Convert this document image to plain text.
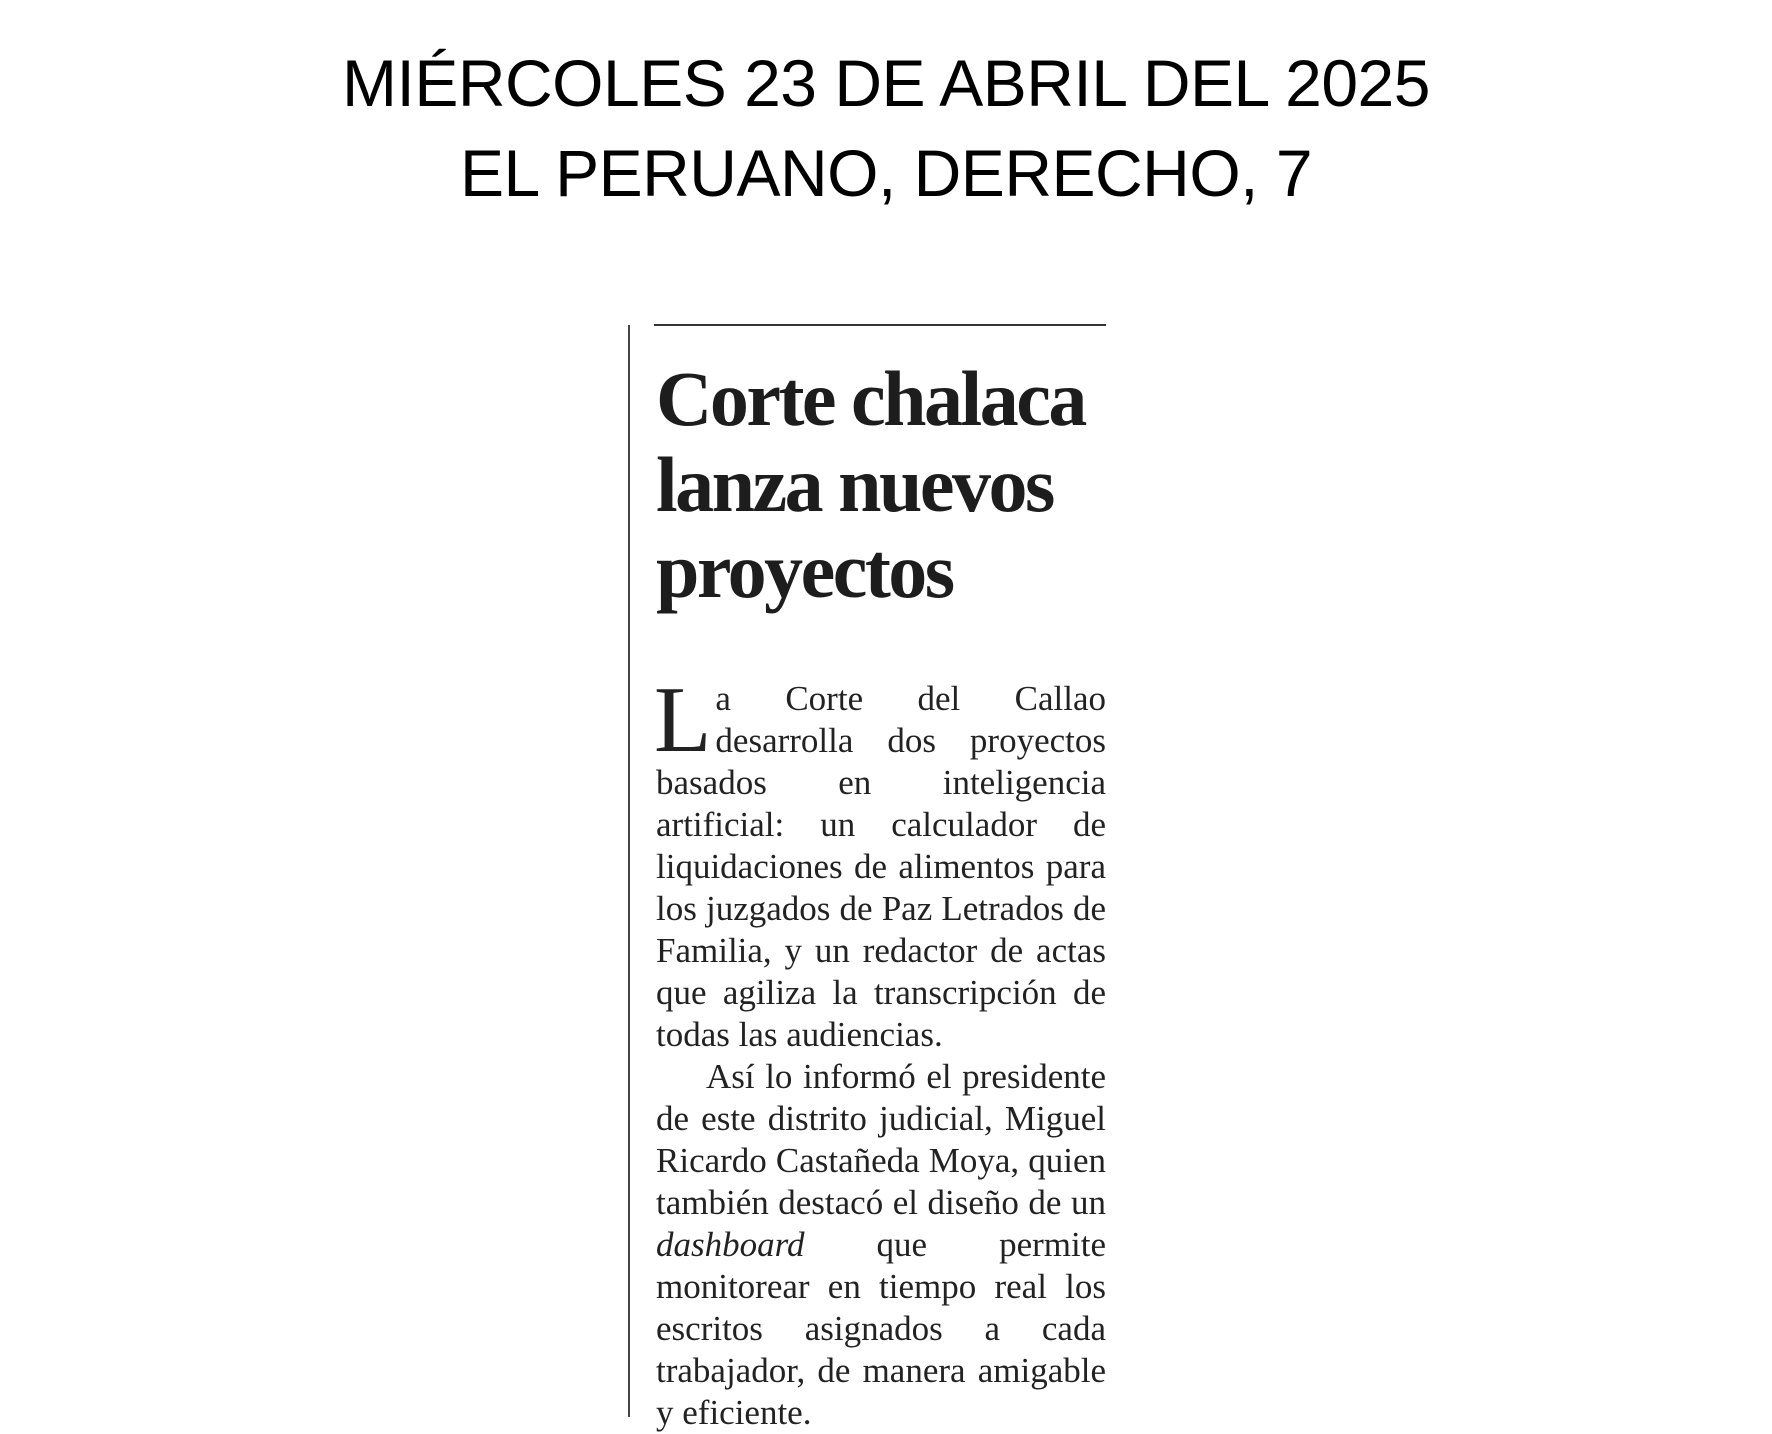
MIÉRCOLES 23 DE ABRIL DEL 2025
EL PERUANO, DERECHO, 7
Corte chalaca lanza nuevos proyectos

La Corte del Callao desarrolla dos proyectos basados en inteligencia artificial: un calculador de liquidaciones de alimentos para los juzgados de Paz Letrados de Familia, y un redactor de actas que agiliza la transcripción de todas las audiencias.

Así lo informó el presidente de este distrito judicial, Miguel Ricardo Castañeda Moya, quien también destacó el diseño de un dashboard que permite monitorear en tiempo real los escritos asignados a cada trabajador, de manera amigable y eficiente.
